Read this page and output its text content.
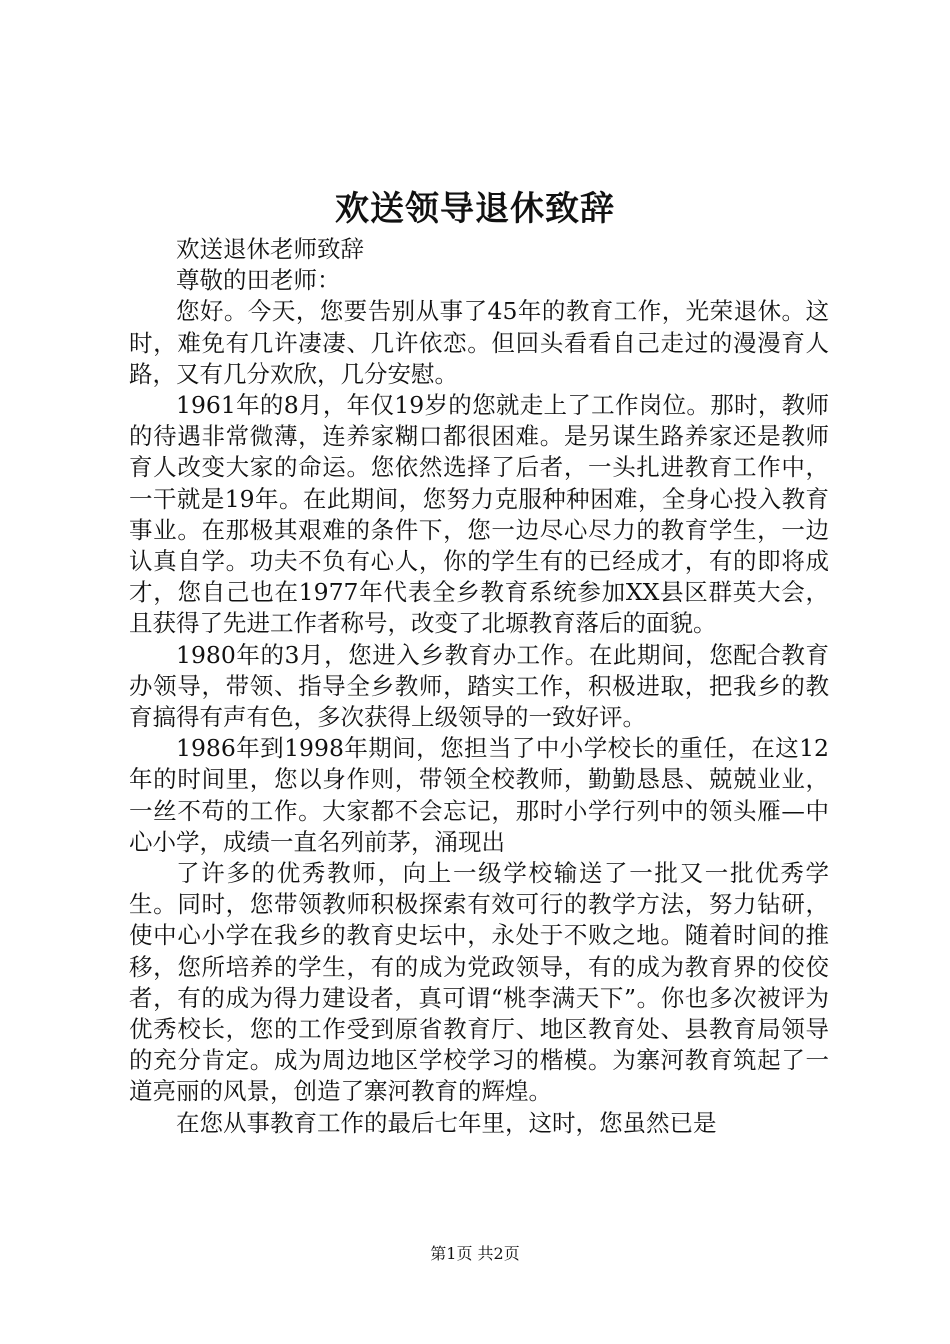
欢送领导退休致辞

欢送退休老师致辞

尊敬的田老师：

您好。今天，您要告别从事了45年的教育工作，光荣退休。这时，难免有几许凄凄、几许依恋。但回头看看自己走过的漫漫育人路，又有几分欢欣，几分安慰。

1961年的8月，年仅19岁的您就走上了工作岗位。那时，教师的待遇非常微薄，连养家糊口都很困难。是另谋生路养家还是教师育人改变大家的命运。您依然选择了后者，一头扎进教育工作中，一干就是19年。在此期间，您努力克服种种困难，全身心投入教育事业。在那极其艰难的条件下，您一边尽心尽力的教育学生，一边认真自学。功夫不负有心人，你的学生有的已经成才，有的即将成才，您自己也在1977年代表全乡教育系统参加XX县区群英大会，且获得了先进工作者称号，改变了北塬教育落后的面貌。

1980年的3月，您进入乡教育办工作。在此期间，您配合教育办领导，带领、指导全乡教师，踏实工作，积极进取，把我乡的教育搞得有声有色，多次获得上级领导的一致好评。

1986年到1998年期间，您担当了中小学校长的重任，在这12年的时间里，您以身作则，带领全校教师，勤勤恳恳、兢兢业业，一丝不苟的工作。大家都不会忘记，那时小学行列中的领头雁—中心小学，成绩一直名列前茅，涌现出

了许多的优秀教师，向上一级学校输送了一批又一批优秀学生。同时，您带领教师积极探索有效可行的教学方法，努力钻研，使中心小学在我乡的教育史坛中，永处于不败之地。随着时间的推移，您所培养的学生，有的成为党政领导，有的成为教育界的佼佼者，有的成为得力建设者，真可谓“桃李满天下”。你也多次被评为优秀校长，您的工作受到原省教育厅、地区教育处、县教育局领导的充分肯定。成为周边地区学校学习的楷模。为寨河教育筑起了一道亮丽的风景，创造了寨河教育的辉煌。

在您从事教育工作的最后七年里，这时，您虽然已是

第1页 共2页
